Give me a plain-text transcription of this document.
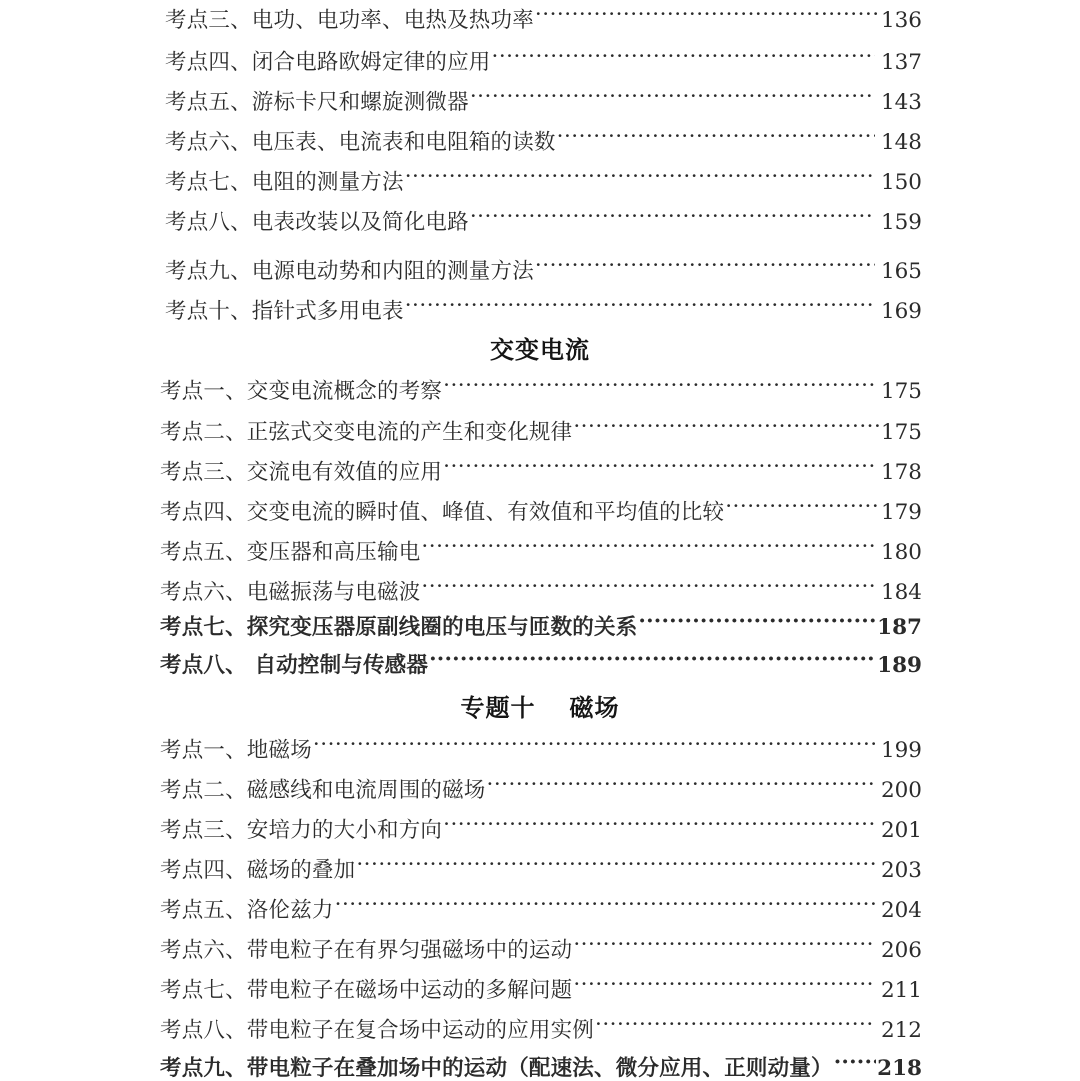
交变电流
专题十 磁场
考点三、电功、电功率、电热及热功率 ·····	136
考点四、闭合电路欧姆定律的应用 ·····	137
考点五、游标卡尺和螺旋测微器 ·····	143
考点六、电压表、电流表和电阻箱的读数 ·····	148
考点七、电阻的测量方法 ·····	150
考点八、电表改装以及简化电路 ·····	159
考点九、电源电动势和内阻的测量方法 ·····	165
考点十、指针式多用电表 ·····	169
考点一、交变电流概念的考察 ·····	175
考点二、正弦式交变电流的产生和变化规律 ·····	175
考点三、交流电有效值的应用 ·····	178
考点四、交变电流的瞬时值、峰值、有效值和平均值的比较 ·····	179
考点五、变压器和高压输电 ·····	180
考点六、电磁振荡与电磁波 ·····	184
考点七、探究变压器原副线圈的电压与匝数的关系 ·····	187
考点八、 自动控制与传感器 ·····	189
考点一、地磁场 ·····	199
考点二、磁感线和电流周围的磁场 ·····	200
考点三、安培力的大小和方向 ·····	201
考点四、磁场的叠加 ·····	203
考点五、洛伦兹力 ·····	204
考点六、带电粒子在有界匀强磁场中的运动 ·····	206
考点七、带电粒子在磁场中运动的多解问题 ·····	211
考点八、带电粒子在复合场中运动的应用实例 ·····	212
考点九、带电粒子在叠加场中的运动（配速法、微分应用、正则动量） ····· 218
